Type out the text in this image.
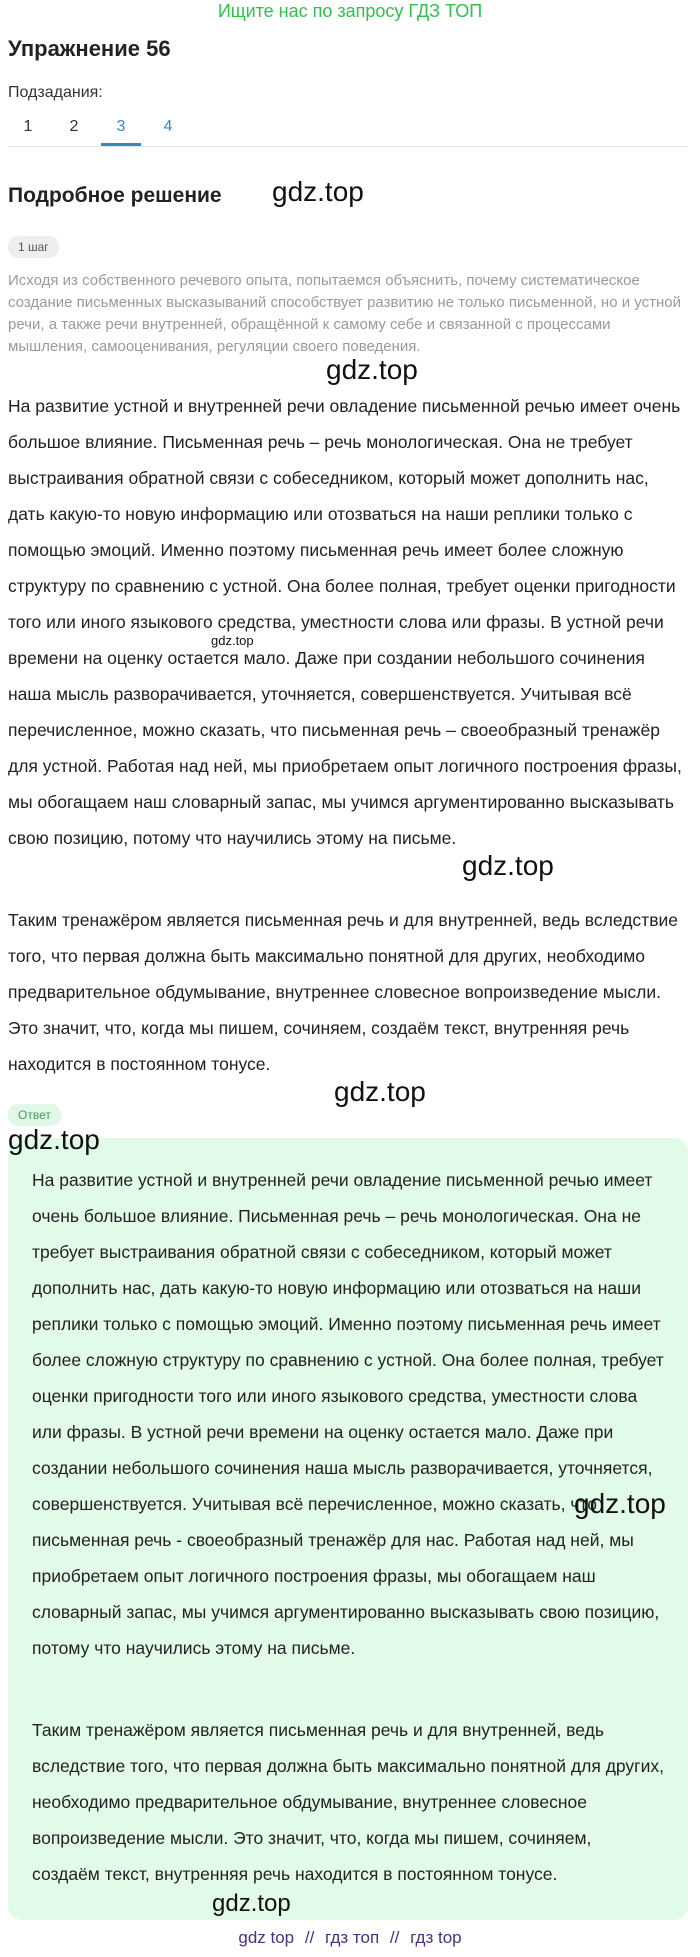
Ищите нас по запросу ГДЗ ТОП
Упражнение 56
Подзадания:
1	2	3	4
Подробное решение gdz.top
1 шаг
Исходя из собственного речевого опыта, попытаемся объяснить, почему систематическое создание письменных высказываний способствует развитию не только письменной, но и устной речи, а также речи внутренней, обращённой к самому себе и связанной с процессами мышления, самооценивания, регуляции своего поведения.
gdz.top

На развитие устной и внутренней речи овладение письменной речью имеет очень большое влияние. Письменная речь – речь монологическая. Она не требует выстраивания обратной связи с собеседником, который может дополнить нас, дать какую-то новую информацию или отозваться на наши реплики только с помощью эмоций. Именно поэтому письменная речь имеет более сложную структуру по сравнению с устной. Она более полная, требует оценки пригодности того или иного языкового средства, уместности слова или фразы. В устной речи времени на оценку остается мало. Даже при создании небольшого сочинения наша мысль разворачивается, уточняется, совершенствуется. Учитывая всё перечисленное, можно сказать, что письменная речь – своеобразный тренажёр для устной. Работая над ней, мы приобретаем опыт логичного построения фразы, мы обогащаем наш словарный запас, мы учимся аргументированно высказывать свою позицию, потому что научились этому на письме.

gdz.top
gdz.top

Таким тренажёром является письменная речь и для внутренней, ведь вследствие того, что первая должна быть максимально понятной для других, необходимо предварительное обдумывание, внутреннее словесное вопроизведение мысли. Это значит, что, когда мы пишем, сочиняем, создаём текст, внутренняя речь находится в постоянном тонусе.

gdz.top
Ответ
gdz.top

На развитие устной и внутренней речи овладение письменной речью имеет очень большое влияние. Письменная речь – речь монологическая. Она не требует выстраивания обратной связи с собеседником, который может дополнить нас, дать какую-то новую информацию или отозваться на наши реплики только с помощью эмоций. Именно поэтому письменная речь имеет более сложную структуру по сравнению с устной. Она более полная, требует оценки пригодности того или иного языкового средства, уместности слова или фразы. В устной речи времени на оценку остается мало. Даже при создании небольшого сочинения наша мысль разворачивается, уточняется, совершенствуется. Учитывая всё перечисленное, можно сказать, что письменная речь - своеобразный тренажёр для нас. Работая над ней, мы приобретаем опыт логичного построения фразы, мы обогащаем наш словарный запас, мы учимся аргументированно высказывать свою позицию, потому что научились этому на письме.

gdz.top

Таким тренажёром является письменная речь и для внутренней, ведь вследствие того, что первая должна быть максимально понятной для других, необходимо предварительное обдумывание, внутреннее словесное вопроизведение мысли. Это значит, что, когда мы пишем, сочиняем, создаём текст, внутренняя речь находится в постоянном тонусе.

gdz.top
gdz top // гдз топ // гдз top
